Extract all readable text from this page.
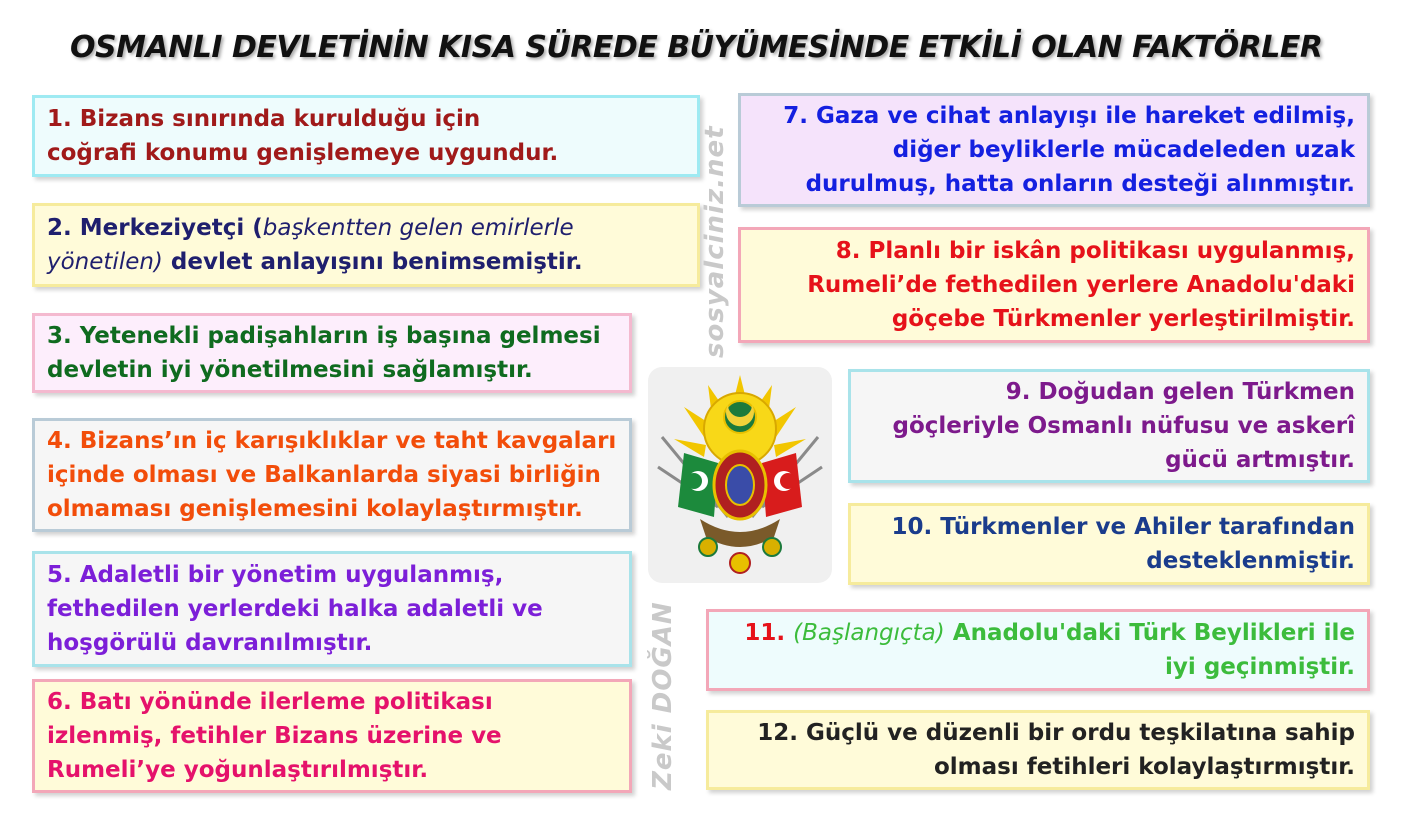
OSMANLI DEVLETİNİN KISA SÜREDE BÜYÜMESİNDE ETKİLİ OLAN FAKTÖRLER
1. Bizans sınırında kurulduğu için
coğrafi konumu genişlemeye uygundur.
2. Merkeziyetçi (başkentten gelen emirlerle
yönetilen) devlet anlayışını benimsemiştir.
3. Yetenekli padişahların iş başına gelmesi
devletin iyi yönetilmesini sağlamıştır.
4. Bizans’ın iç karışıklıklar ve taht kavgaları
içinde olması ve Balkanlarda siyasi birliğin
olmaması genişlemesini kolaylaştırmıştır.
5. Adaletli bir yönetim uygulanmış,
fethedilen yerlerdeki halka adaletli ve
hoşgörülü davranılmıştır.
6. Batı yönünde ilerleme politikası
izlenmiş, fetihler Bizans üzerine ve
Rumeli’ye yoğunlaştırılmıştır.
7. Gaza ve cihat anlayışı ile hareket edilmiş,
diğer beyliklerle mücadeleden uzak
durulmuş, hatta onların desteği alınmıştır.
8. Planlı bir iskân politikası uygulanmış,
Rumeli’de fethedilen yerlere Anadolu'daki
göçebe Türkmenler yerleştirilmiştir.
9. Doğudan gelen Türkmen
göçleriyle Osmanlı nüfusu ve askerî
gücü artmıştır.
10. Türkmenler ve Ahiler tarafından
desteklenmiştir.
11. (Başlangıçta) Anadolu'daki Türk Beylikleri ile
iyi geçinmiştir.
12. Güçlü ve düzenli bir ordu teşkilatına sahip
olması fetihleri kolaylaştırmıştır.
sosyalciniz.net
Zeki DOĞAN
